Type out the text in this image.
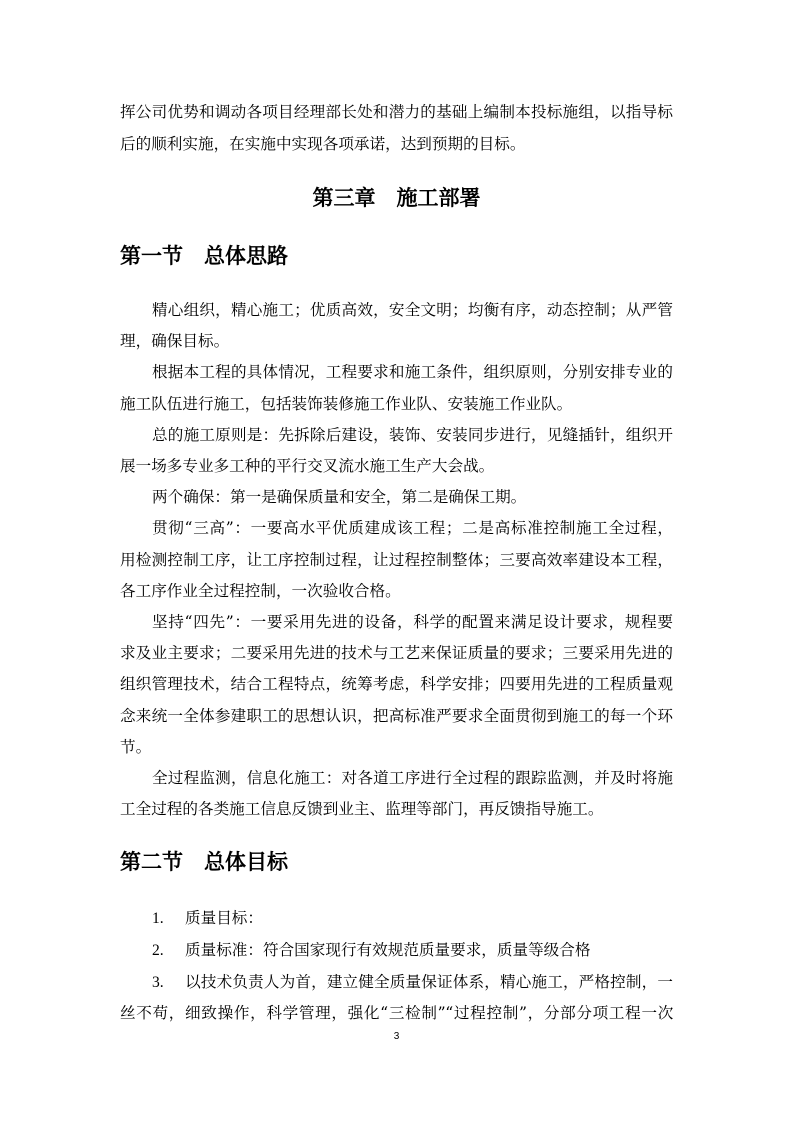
挥公司优势和调动各项目经理部长处和潜力的基础上编制本投标施组，以指导标
后的顺利实施，在实施中实现各项承诺，达到预期的目标。
第三章　施工部署
第一节　总体思路
精心组织，精心施工；优质高效，安全文明；均衡有序，动态控制；从严管
理，确保目标。
根据本工程的具体情况，工程要求和施工条件，组织原则，分别安排专业的
施工队伍进行施工，包括装饰装修施工作业队、安装施工作业队。
总的施工原则是：先拆除后建设，装饰、安装同步进行，见缝插针，组织开
展一场多专业多工种的平行交叉流水施工生产大会战。
两个确保：第一是确保质量和安全，第二是确保工期。
贯彻“三高”：一要高水平优质建成该工程；二是高标准控制施工全过程，
用检测控制工序，让工序控制过程，让过程控制整体；三要高效率建设本工程，
各工序作业全过程控制，一次验收合格。
坚持“四先”：一要采用先进的设备，科学的配置来满足设计要求，规程要
求及业主要求；二要采用先进的技术与工艺来保证质量的要求；三要采用先进的
组织管理技术，结合工程特点，统筹考虑，科学安排；四要用先进的工程质量观
念来统一全体参建职工的思想认识，把高标准严要求全面贯彻到施工的每一个环
节。
全过程监测，信息化施工：对各道工序进行全过程的跟踪监测，并及时将施
工全过程的各类施工信息反馈到业主、监理等部门，再反馈指导施工。
第二节　总体目标
1. 质量目标：
2. 质量标准：符合国家现行有效规范质量要求，质量等级合格
3. 以技术负责人为首，建立健全质量保证体系，精心施工，严格控制，一
丝不苟，细致操作，科学管理，强化“三检制”“过程控制”，分部分项工程一次
3
